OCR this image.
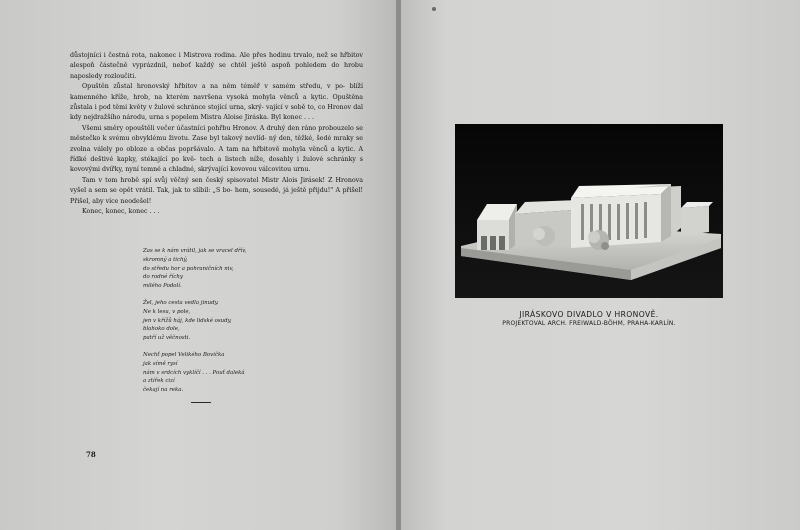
důstojníci i čestná rota, nakonec i Mistrova rodina. Ale přes hodinu trvalo, než se hřbitov alespoň částečně vyprázdnil, neboť každý se chtěl ještě aspoň pohledem do hrobu naposledy rozloučiti.

Opuštěn zůstal hronovský hřbitov a na něm téměř v samém středu, v po- blíží kamenného kříže, hrob, na kterém navršena vysoká mohyla věnců a kytic. Opuštěna zůstala i pod těmi květy v žulové schránce stojící urna, skrý- vající v sobě to, co Hronov dal kdy nejdražšího národu, urna s popelem Mistra Aloise Jiráska. Byl konec . . .

Všemi směry opouštěli večer účastníci pohřbu Hronov. A druhý den ráno probouzelo se městečko k svému obvyklému životu. Zase byl takový nevlíd- ný den, těžké, šedé mraky se zvolna válely po obloze a občas popršávalo. A tam na hřbitově mohyla věnců a kytic. A řídké deštivé kapky, stékající po kvě- tech a listech níže, dosahly i žulové schránky s kovovými dvířky, nyní temné a chladné, skrývající kovovou válcovitou urnu.

Tam v tom hrobě spí svůj věčný sen český spisovatel Mistr Alois Jirásek! Z Hronova vyšel a sem se opět vrátil. Tak, jak to slíbil: „S bo- hem, sousedé, já ještě přijdu!" A přišel! Přišel, aby více neodešel!

Konec, konec, konec . . .

Zas se k nám vrátil, jak se vracel dřív,
skromný a tichý,
do středu hor a pohraničních niv,
do rodné říchy
milého Podolí.
Žel, jeho cesta vedla jinudy.
Ne k lesu, v pole,
jen v křížů háj, kde lidské osudy,
blahoko dole,
patří už věčnosti.
Nechť popel Velikého Bovička
jak símě rysí
nám v srdcích vyklíčí . . . Pouť daleká
a ztířek cizí
čekají na reka.
78
JIRÁSKOVO DIVADLO V HRONOVĚ.
PROJEKTOVAL ARCH. FREIWALD-BÖHM, PRAHA-KARLÍN.
